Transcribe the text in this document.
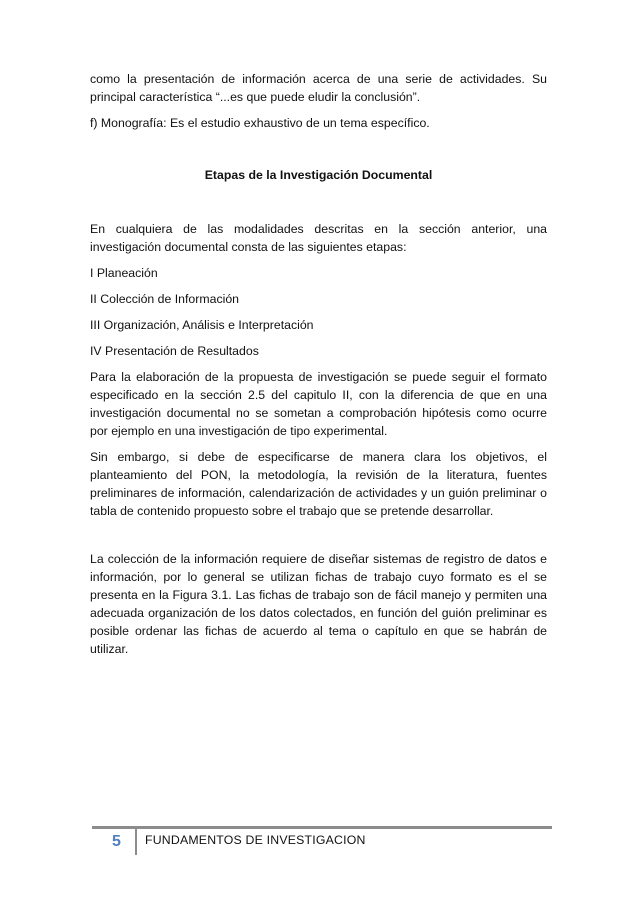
como la presentación de información acerca de una serie de actividades. Su principal característica “...es que puede eludir la conclusión”.

f) Monografía: Es el estudio exhaustivo de un tema específico.

Etapas de la Investigación Documental

En cualquiera de las modalidades descritas en la sección anterior, una investigación documental consta de las siguientes etapas:

I Planeación

II Colección de Información

III Organización, Análisis e Interpretación

IV Presentación de Resultados

Para la elaboración de la propuesta de investigación se puede seguir el formato especificado en la sección 2.5 del capitulo II, con la diferencia de que en una investigación documental no se sometan a comprobación hipótesis como ocurre por ejemplo en una investigación de tipo experimental.

Sin embargo, si debe de especificarse de manera clara los objetivos, el planteamiento del PON, la metodología, la revisión de la literatura, fuentes preliminares de información, calendarización de actividades y un guión preliminar o tabla de contenido propuesto sobre el trabajo que se pretende desarrollar.

La colección de la información requiere de diseñar sistemas de registro de datos e información, por lo general se utilizan fichas de trabajo cuyo formato es el se presenta en la Figura 3.1. Las fichas de trabajo son de fácil manejo y permiten una adecuada organización de los datos colectados, en función del guión preliminar es posible ordenar las fichas de acuerdo al tema o capítulo en que se habrán de utilizar.

5 FUNDAMENTOS DE INVESTIGACION
